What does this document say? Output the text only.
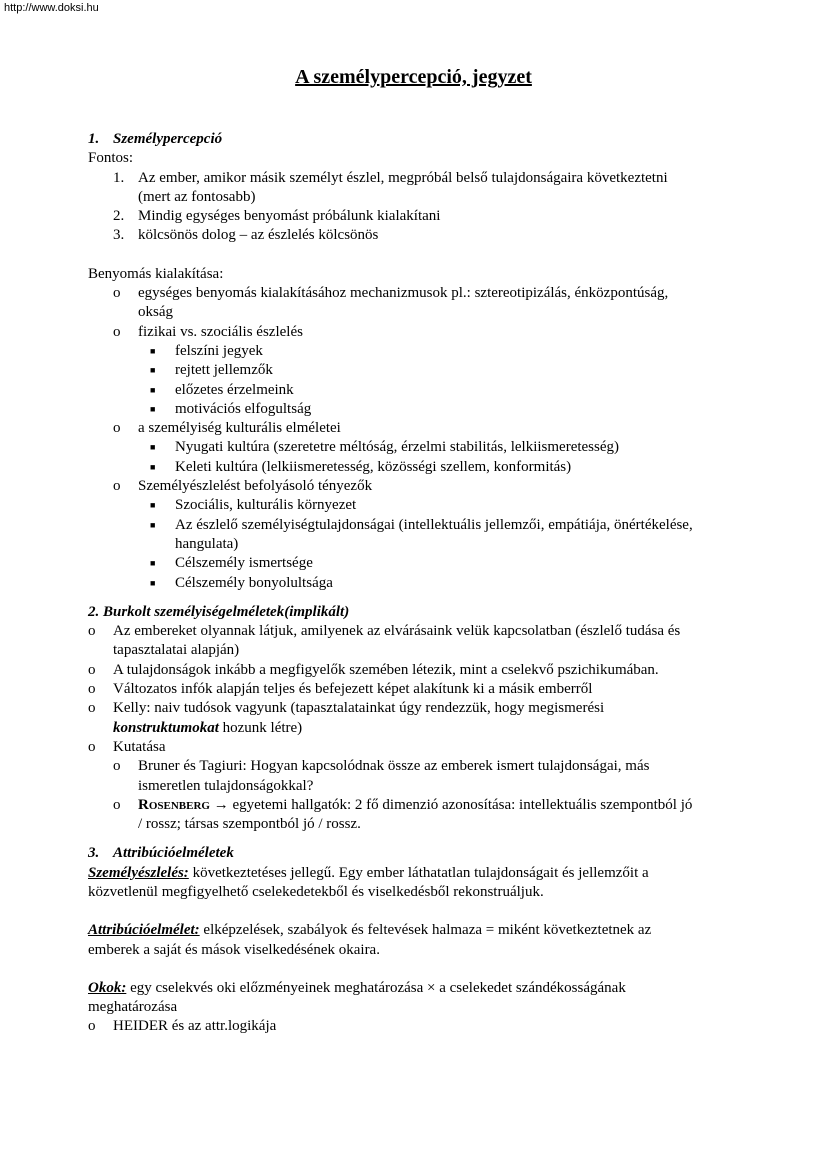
http://www.doksi.hu
A személypercepció, jegyzet
1. Személypercepció
Fontos:
1. Az ember, amikor másik személyt észlel, megpróbál belső tulajdonságaira következtetni
(mert az fontosabb)
2. Mindig egységes benyomást próbálunk kialakítani
3. kölcsönös dolog – az észlelés kölcsönös
Benyomás kialakítása:
o egységes benyomás kialakításához mechanizmusok pl.: sztereotipizálás, énközpontúság,
okság
o fizikai vs. szociális észlelés
■ felszíni jegyek
■ rejtett jellemzők
■ előzetes érzelmeink
■ motivációs elfogultság
o a személyiség kulturális elméletei
■ Nyugati kultúra (szeretetre méltóság, érzelmi stabilitás, lelkiismeretesség)
■ Keleti kultúra (lelkiismeretesség, közösségi szellem, konformitás)
o Személyészlelést befolyásoló tényezők
■ Szociális, kulturális környezet
■ Az észlelő személyiségtulajdonságai (intellektuális jellemzői, empátiája, önértékelése,
hangulata)
■ Célszemély ismertsége
■ Célszemély bonyolultsága
2. Burkolt személyiségelméletek(implikált)
o Az embereket olyannak látjuk, amilyenek az elvárásaink velük kapcsolatban (észlelő tudása és
tapasztalatai alapján)
o A tulajdonságok inkább a megfigyelők szemében létezik, mint a cselekvő pszichikumában.
o Változatos infók alapján teljes és befejezett képet alakítunk ki a másik emberről
o Kelly: naiv tudósok vagyunk (tapasztalatainkat úgy rendezzük, hogy megismerési
konstruktumokat hozunk létre)
o Kutatása
o Bruner és Tagiuri: Hogyan kapcsolódnak össze az emberek ismert tulajdonságai, más
ismeretlen tulajdonságokkal?
o Rosenberg → egyetemi hallgatók: 2 fő dimenzió azonosítása: intellektuális szempontból jó
/ rossz; társas szempontból jó / rossz.
3. Attribúcióelméletek
Személyészlelés: következtetéses jellegű. Egy ember láthatatlan tulajdonságait és jellemzőit a
közvetlenül megfigyelhető cselekedetekből és viselkedésből rekonstruáljuk.
Attribúcióelmélet: elképzelések, szabályok és feltevések halmaza = miként következtetnek az
emberek a saját és mások viselkedésének okaira.
Okok: egy cselekvés oki előzményeinek meghatározása × a cselekedet szándékosságának
meghatározása
o HEIDER és az attr.logikája
